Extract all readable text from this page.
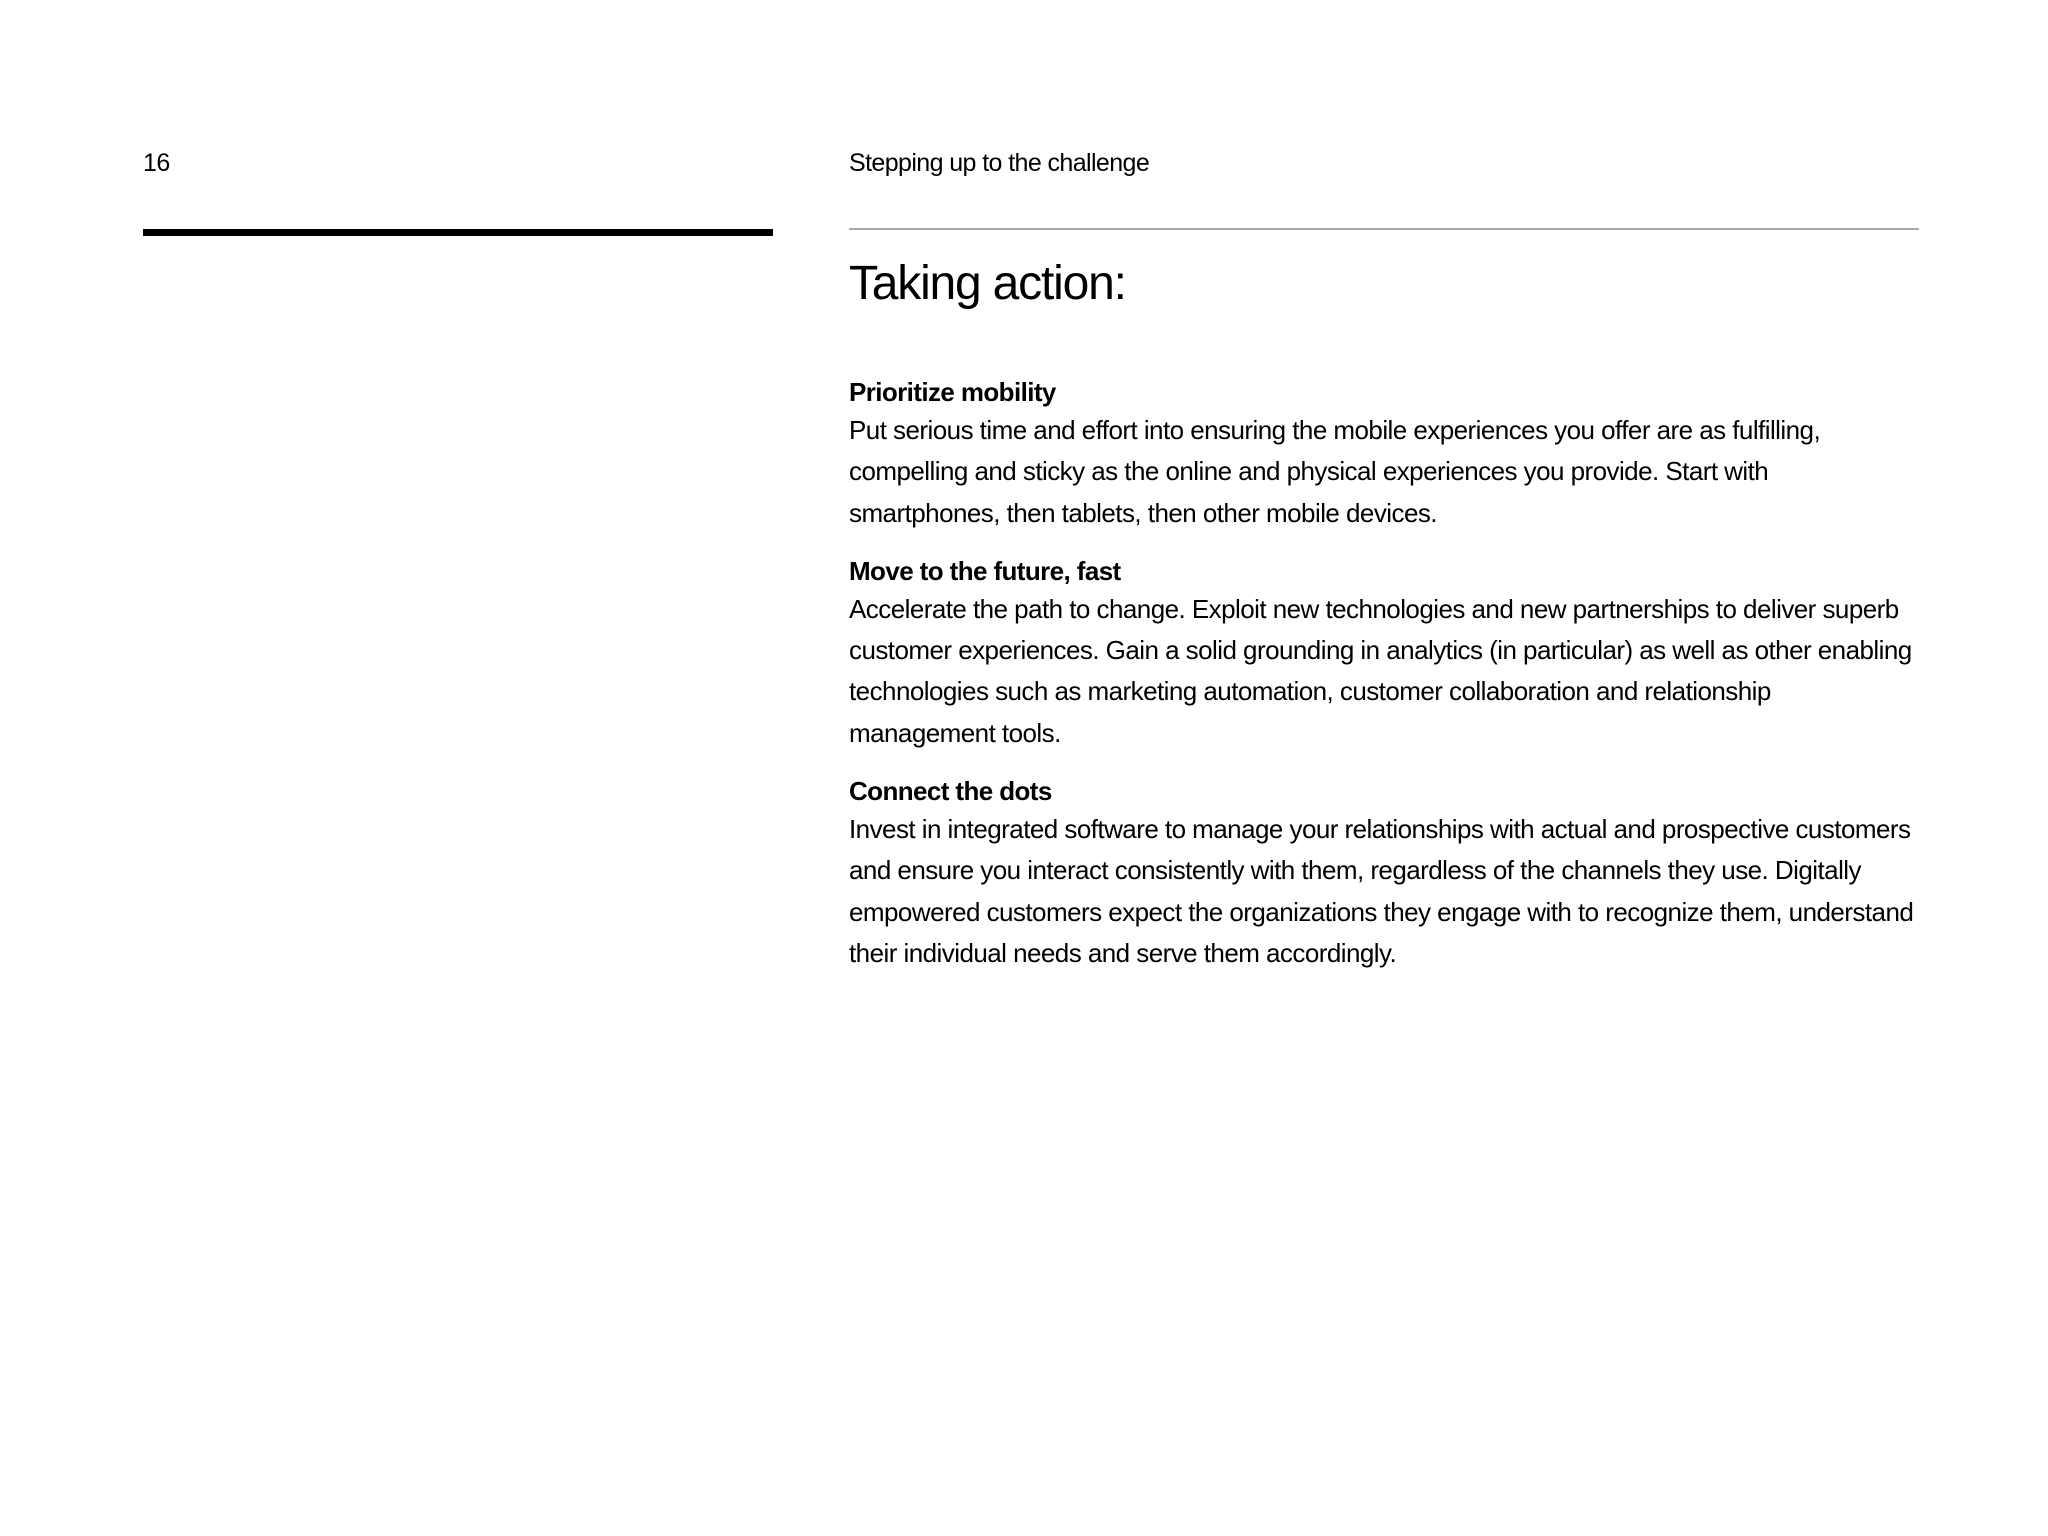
16	Stepping up to the challenge
Taking action:

Prioritize mobility

Put serious time and effort into ensuring the mobile experiences you offer are as fulfilling, compelling and sticky as the online and physical experiences you provide. Start with smartphones, then tablets, then other mobile devices.

Move to the future, fast

Accelerate the path to change. Exploit new technologies and new partnerships to deliver superb customer experiences. Gain a solid grounding in analytics (in particular) as well as other enabling technologies such as marketing automation, customer collaboration and relationship management tools.

Connect the dots

Invest in integrated software to manage your relationships with actual and prospective customers and ensure you interact consistently with them, regardless of the channels they use. Digitally empowered customers expect the organizations they engage with to recognize them, understand their individual needs and serve them accordingly.
